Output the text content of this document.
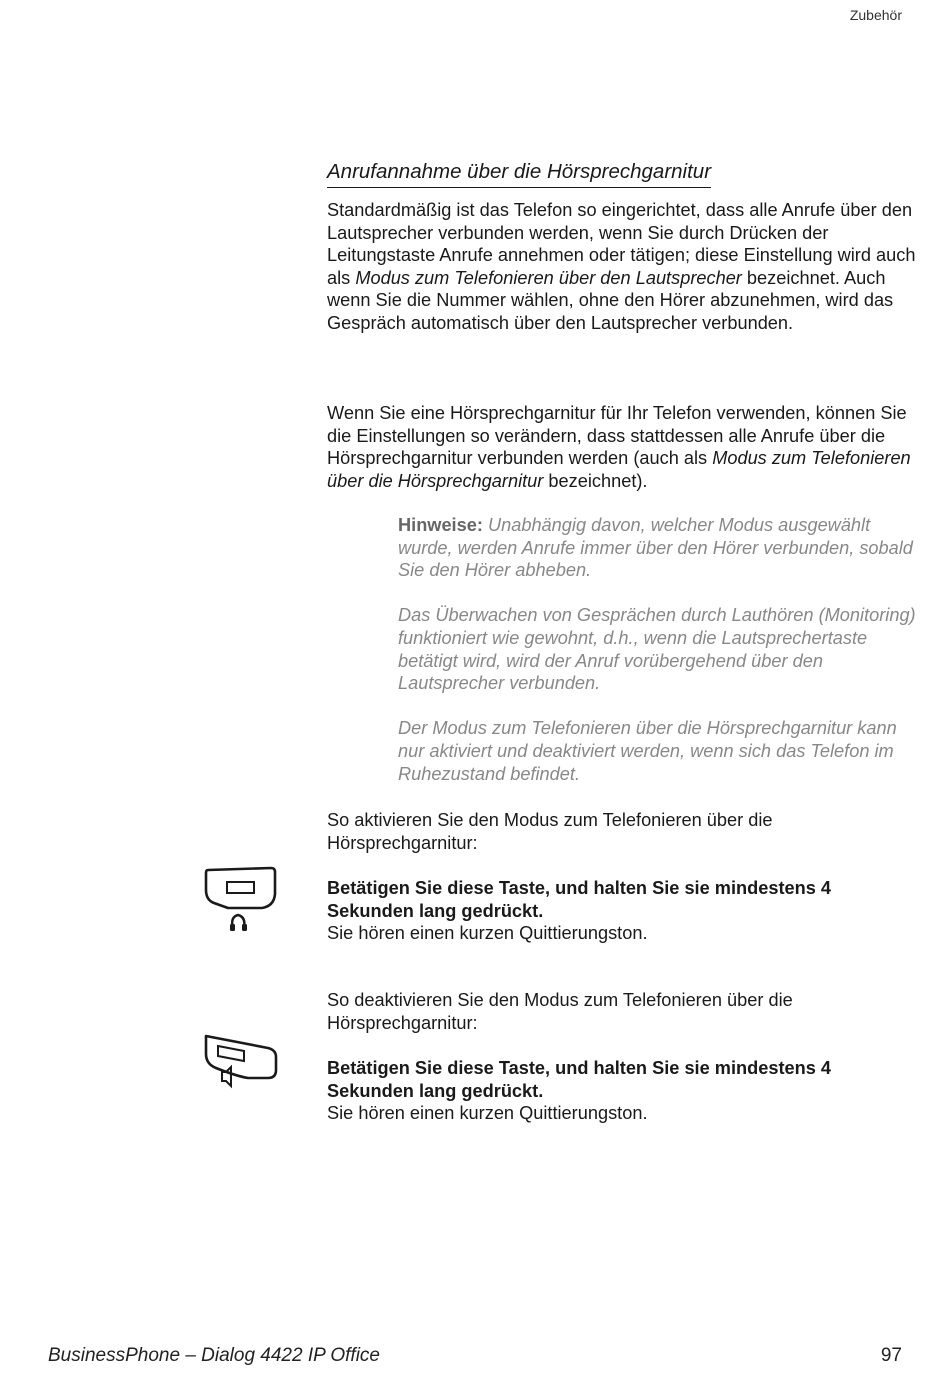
Zubehör
Anrufannahme über die Hörsprechgarnitur

Standardmäßig ist das Telefon so eingerichtet, dass alle Anrufe über den Lautsprecher verbunden werden, wenn Sie durch Drücken der Leitungstaste Anrufe annehmen oder tätigen; diese Einstellung wird auch als Modus zum Telefonieren über den Lautsprecher bezeichnet. Auch wenn Sie die Nummer wählen, ohne den Hörer abzunehmen, wird das Gespräch automatisch über den Lautsprecher verbunden.

Wenn Sie eine Hörsprechgarnitur für Ihr Telefon verwenden, können Sie die Einstellungen so verändern, dass stattdessen alle Anrufe über die Hörsprechgarnitur verbunden werden (auch als Modus zum Telefonieren über die Hörsprechgarnitur bezeichnet).

Hinweise: Unabhängig davon, welcher Modus ausgewählt wurde, werden Anrufe immer über den Hörer verbunden, sobald Sie den Hörer abheben.

Das Überwachen von Gesprächen durch Lauthören (Monitoring) funktioniert wie gewohnt, d.h., wenn die Lautsprechertaste betätigt wird, wird der Anruf vorübergehend über den Lautsprecher verbunden.

Der Modus zum Telefonieren über die Hörsprechgarnitur kann nur aktiviert und deaktiviert werden, wenn sich das Telefon im Ruhezustand befindet.

So aktivieren Sie den Modus zum Telefonieren über die Hörsprechgarnitur:

Betätigen Sie diese Taste, und halten Sie sie mindestens 4 Sekunden lang gedrückt.
Sie hören einen kurzen Quittierungston.

So deaktivieren Sie den Modus zum Telefonieren über die Hörsprechgarnitur:

Betätigen Sie diese Taste, und halten Sie sie mindestens 4 Sekunden lang gedrückt.
Sie hören einen kurzen Quittierungston.
BusinessPhone – Dialog 4422 IP Office	97
